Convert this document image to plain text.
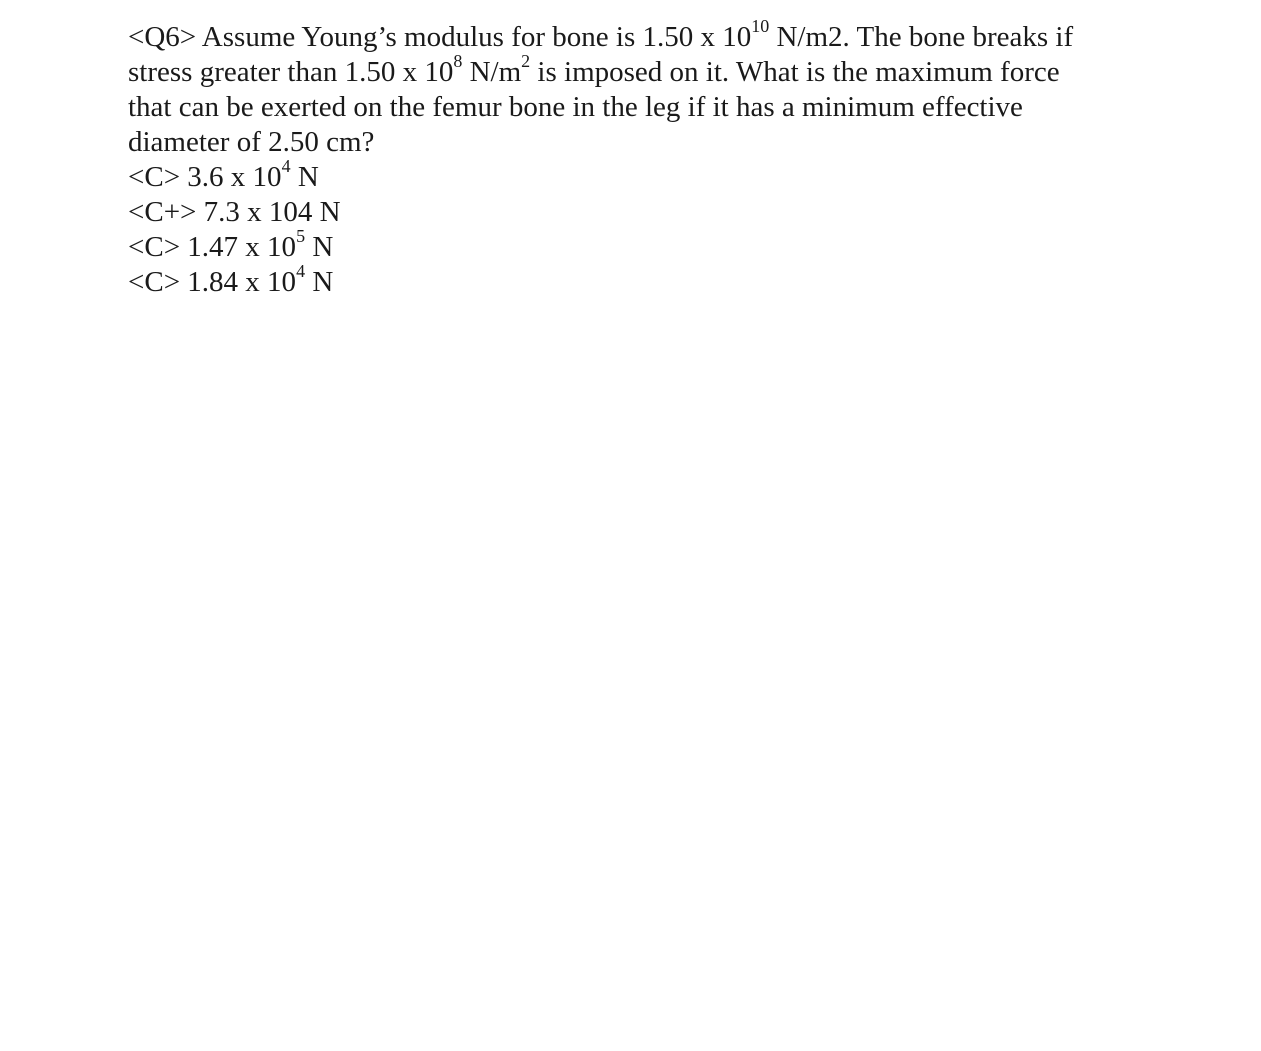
<Q6> Assume Young’s modulus for bone is 1.50 x $10^{10}$ N/m2. The bone breaks if
stress greater than 1.50 x $10^8$ $N/m^2$ is imposed on it. What is the maximum force
that can be exerted on the femur bone in the leg if it has a minimum effective
diameter of 2.50 cm?
<C> 3.6 x $10^4$ N
<C+> 7.3 x 104 N
<C> 1.47 x $10^5$ N
<C> 1.84 x $10^4$ N
